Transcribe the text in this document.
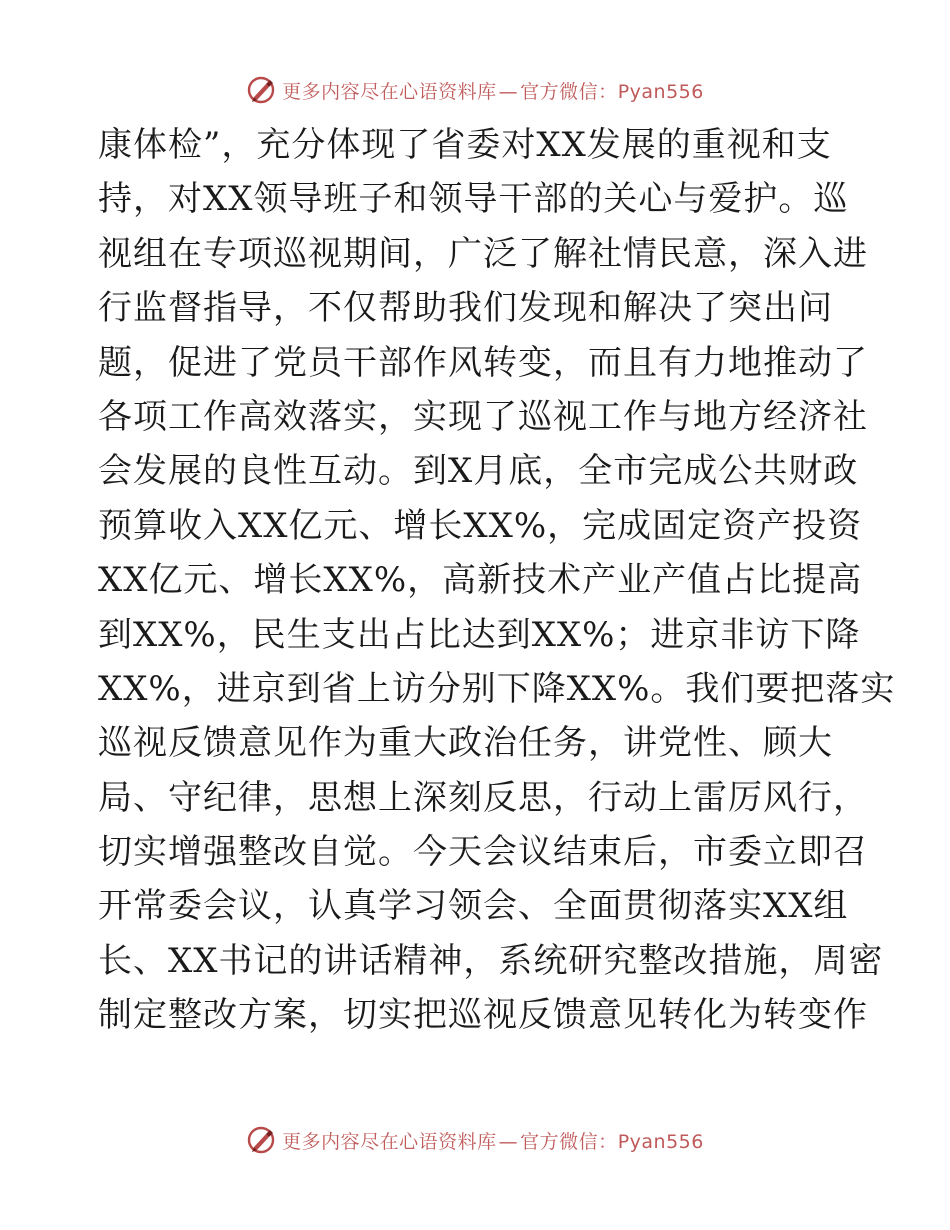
更多内容尽在心语资料库 — 官方微信：Pyan556
康体检”，充分体现了省委对XX发展的重视和支
持，对XX领导班子和领导干部的关心与爱护。巡
视组在专项巡视期间，广泛了解社情民意，深入进
行监督指导，不仅帮助我们发现和解决了突出问
题，促进了党员干部作风转变，而且有力地推动了
各项工作高效落实，实现了巡视工作与地方经济社
会发展的良性互动。到X月底，全市完成公共财政
预算收入XX亿元、增长XX%，完成固定资产投资
XX亿元、增长XX%，高新技术产业产值占比提高
到XX%，民生支出占比达到XX%；进京非访下降
XX%，进京到省上访分别下降XX%。我们要把落实
巡视反馈意见作为重大政治任务，讲党性、顾大
局、守纪律，思想上深刻反思，行动上雷厉风行，
切实增强整改自觉。今天会议结束后，市委立即召
开常委会议，认真学习领会、全面贯彻落实XX组
长、XX书记的讲话精神，系统研究整改措施，周密
制定整改方案，切实把巡视反馈意见转化为转变作
更多内容尽在心语资料库 — 官方微信：Pyan556
